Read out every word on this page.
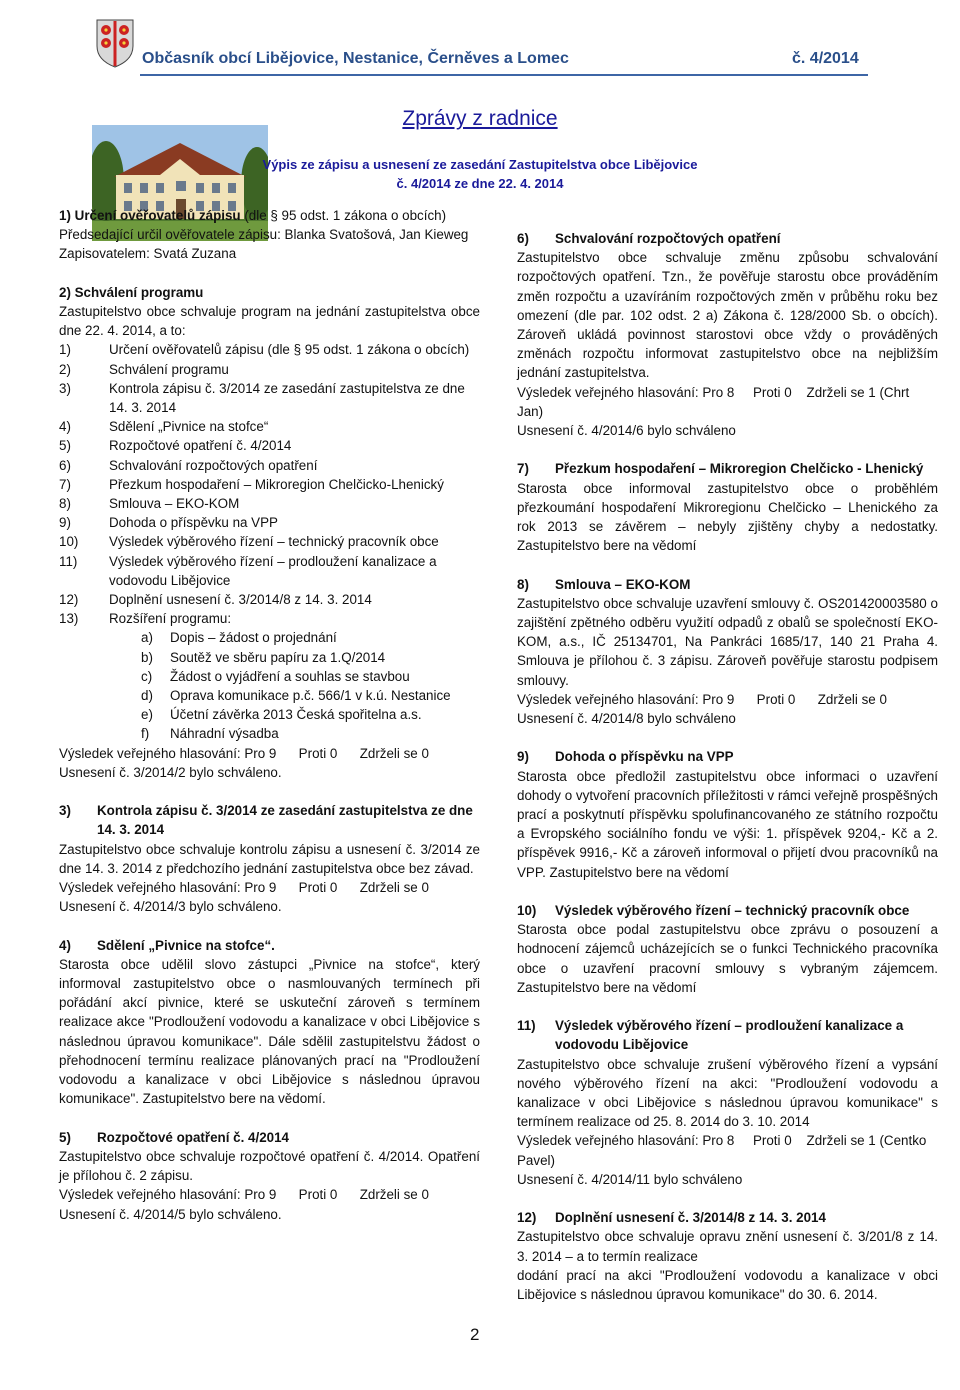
Občasník obcí Libějovice, Nestanice, Černěves a Lomec	č. 4/2014
Zprávy z radnice
Výpis ze zápisu a usnesení ze zasedání Zastupitelstva obce Libějovice
č. 4/2014 ze dne 22. 4. 2014

1) Určení ověřovatelů zápisu (dle § 95 odst. 1 zákona o obcích)

Předsedající určil ověřovatele zápisu: Blanka Svatošová, Jan Kieweg

Zapisovatelem: Svatá Zuzana

2) Schválení programu

Zastupitelstvo obce schvaluje program na jednání zastupitelstva obce dne 22. 4. 2014, a to:

1)	Určení ověřovatelů zápisu (dle § 95 odst. 1 zákona o obcích)
2)	Schválení programu
3)	Kontrola zápisu č. 3/2014 ze zasedání zastupitelstva ze dne 14. 3. 2014
4)	Sdělení „Pivnice na stofce“
5)	Rozpočtové opatření č. 4/2014
6)	Schvalování rozpočtových opatření
7)	Přezkum hospodaření – Mikroregion Chelčicko-Lhenický
8)	Smlouva – EKO-KOM
9)	Dohoda o příspěvku na VPP
10) Výsledek výběrového řízení – technický pracovník obce
11) Výsledek výběrového řízení – prodloužení kanalizace a vodovodu Libějovice
12) Doplnění usnesení č. 3/2014/8 z 14. 3. 2014
13) Rozšíření programu:
a) Dopis – žádost o projednání
b) Soutěž ve sběru papíru za 1.Q/2014
c) Žádost o vyjádření a souhlas se stavbou
d) Oprava komunikace p.č. 566/1 v k.ú. Nestanice
e) Účetní závěrka 2013 Česká spořitelna a.s.
f) Náhradní výsadba

Výsledek veřejného hlasování: Pro 9      Proti 0      Zdrželi se 0

Usnesení č. 3/2014/2 bylo schváleno.

3) Kontrola zápisu č. 3/2014 ze zasedání zastupitelstva ze dne 14. 3. 2014

Zastupitelstvo obce schvaluje kontrolu zápisu a usnesení č. 3/2014 ze dne 14. 3. 2014 z předchozího jednání zastupitelstva obce bez závad.

Výsledek veřejného hlasování: Pro 9      Proti 0      Zdrželi se 0

Usnesení č. 4/2014/3 bylo schváleno.

4) Sdělení „Pivnice na stofce“.

Starosta obce udělil slovo zástupci „Pivnice na stofce“, který informoval zastupitelstvo obce o nasmlouvaných termínech při pořádání akcí pivnice, které se uskuteční zároveň s termínem realizace akce "Prodloužení vodovodu a kanalizace v obci Libějovice s následnou úpravou komunikace". Dále sdělil zastupitelstvu žádost o přehodnocení termínu realizace plánovaných prací na "Prodloužení vodovodu a kanalizace v obci Libějovice s následnou úpravou komunikace". Zastupitelstvo bere na vědomí.

5) Rozpočtové opatření č. 4/2014

Zastupitelstvo obce schvaluje rozpočtové opatření č. 4/2014. Opatření je přílohou č. 2 zápisu.

Výsledek veřejného hlasování: Pro 9      Proti 0      Zdrželi se 0

Usnesení č. 4/2014/5 bylo schváleno.

6) Schvalování rozpočtových opatření

Zastupitelstvo obce schvaluje změnu způsobu schvalování rozpočtových opatření. Tzn., že pověřuje starostu obce prováděním změn rozpočtu a uzavíráním rozpočtových změn v průběhu roku bez omezení (dle par. 102 odst. 2 a) Zákona č. 128/2000 Sb. o obcích). Zároveň ukládá povinnost starostovi obce vždy o prováděných změnách rozpočtu informovat zastupitelstvo obce na nejbližším jednání zastupitelstva.

Výsledek veřejného hlasování: Pro 8     Proti 0    Zdrželi se 1 (Chrt Jan)

Usnesení č. 4/2014/6 bylo schváleno

7) Přezkum hospodaření – Mikroregion Chelčicko - Lhenický

Starosta obce informoval zastupitelstvo obce o proběhlém přezkoumání hospodaření Mikroregionu Chelčicko – Lhenického za rok 2013 se závěrem – nebyly zjištěny chyby a nedostatky. Zastupitelstvo bere na vědomí

8) Smlouva – EKO-KOM

Zastupitelstvo obce schvaluje uzavření smlouvy č. OS201420003580 o zajištění zpětného odběru využití odpadů z obalů se společností EKO-KOM, a.s., IČ 25134701, Na Pankráci 1685/17, 140 21 Praha 4. Smlouva je přílohou č. 3 zápisu. Zároveň pověřuje starostu podpisem smlouvy.

Výsledek veřejného hlasování: Pro 9      Proti 0      Zdrželi se 0

Usnesení č. 4/2014/8 bylo schváleno

9) Dohoda o příspěvku na VPP

Starosta obce předložil zastupitelstvu obce informaci o uzavření dohody o vytvoření pracovních příležitosti v rámci veřejně prospěšných prací a poskytnutí příspěvku spolufinancovaného ze státního rozpočtu a Evropského sociálního fondu ve výši: 1. příspěvek 9204,- Kč a 2. příspěvek 9916,- Kč a zároveň informoval o přijetí dvou pracovníků na VPP. Zastupitelstvo bere na vědomí

10) Výsledek výběrového řízení – technický pracovník obce

Starosta obce podal zastupitelstvu obce zprávu o posouzení a hodnocení zájemců ucházejících se o funkci Technického pracovníka obce o uzavření pracovní smlouvy s vybraným zájemcem. Zastupitelstvo bere na vědomí

11) Výsledek výběrového řízení – prodloužení kanalizace a vodovodu Libějovice

Zastupitelstvo obce schvaluje zrušení výběrového řízení a vypsání nového výběrového řízení na akci: "Prodloužení vodovodu a kanalizace v obci Libějovice s následnou úpravou komunikace" s termínem realizace od 25. 8. 2014 do 3. 10. 2014

Výsledek veřejného hlasování: Pro 8     Proti 0    Zdrželi se 1 (Centko Pavel)

Usnesení č. 4/2014/11 bylo schváleno

12) Doplnění usnesení č. 3/2014/8 z 14. 3. 2014

Zastupitelstvo obce schvaluje opravu znění usnesení č. 3/201/8 z 14. 3. 2014 – a to termín realizace

dodání prací na akci "Prodloužení vodovodu a kanalizace v obci Libějovice s následnou úpravou komunikace" do 30. 6. 2014.

2
